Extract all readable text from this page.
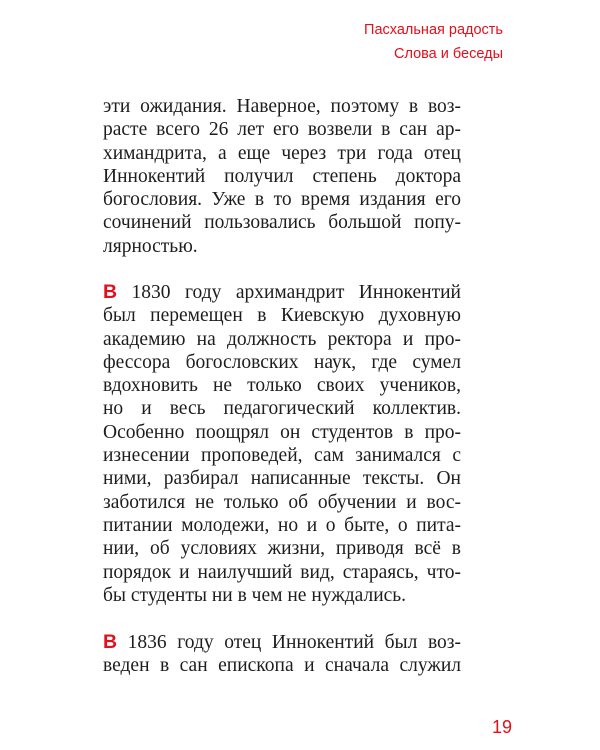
Пасхальная радость
Слова и беседы
эти ожидания. Наверное, поэтому в воз-
расте всего 26 лет его возвели в сан ар-
химандрита, а еще через три года отец
Иннокентий получил степень доктора
богословия. Уже в то время издания его
сочинений пользовались большой попу-
лярностью.
В 1830 году архимандрит Иннокентий
был перемещен в Киевскую духовную
академию на должность ректора и про-
фессора богословских наук, где сумел
вдохновить не только своих учеников,
но и весь педагогический коллектив.
Особенно поощрял он студентов в про-
изнесении проповедей, сам занимался с
ними, разбирал написанные тексты. Он
заботился не только об обучении и вос-
питании молодежи, но и о быте, о пита-
нии, об условиях жизни, приводя всё в
порядок и наилучший вид, стараясь, что-
бы студенты ни в чем не нуждались.
В 1836 году отец Иннокентий был воз-
веден в сан епископа и сначала служил
19
